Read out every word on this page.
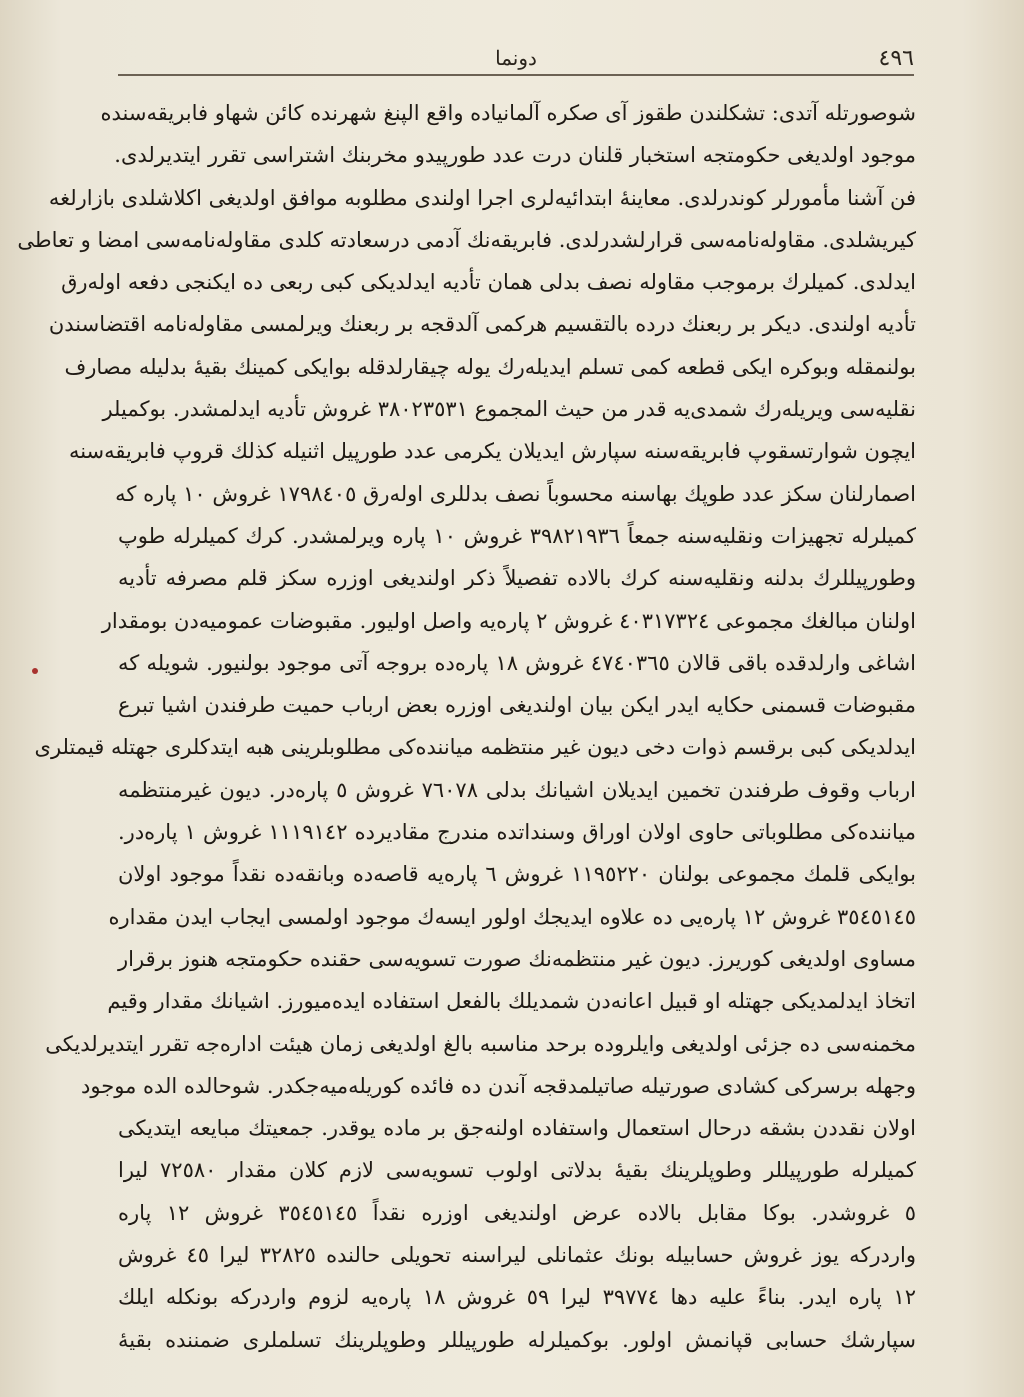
دونما	٤٩٦
شوصورتله آتدی: تشكلندن طقوز آی صكره آلمانیاده واقع الپنغ شهرنده كائن شهاو فابریقه‌سنده
موجود اولدیغی حكومتجه استخبار قلنان درت عدد طورپیدو مخربنك اشتراسی تقرر ایتدیرلدی.
فن آشنا مأمورلر كوندرلدی. معاینهٔ ابتدائیه‌لری اجرا اولندی مطلوبه موافق اولدیغی اكلاشلدی بازارلغه
كیریشلدی. مقاوله‌نامه‌سی قرارلشدرلدی. فابریقه‌نك آدمی درسعادته كلدی مقاوله‌نامه‌سی امضا و تعاطی
ایدلدی. كمیلرك برموجب مقاوله نصف بدلی همان تأدیه ایدلدیكی كبی ربعی ده ایكنجی دفعه اوله‌رق
تأدیه اولندی. دیكر بر ربعنك درده بالتقسیم هركمی آلدقجه بر ربعنك ویرلمسی مقاوله‌نامه اقتضاسندن
بولنمقله وبوكره ایكی قطعه كمی تسلم ایدیله‌رك یوله چیقارلدقله بوایكی كمینك بقیهٔ بدلیله مصارف
نقلیه‌سی ویریله‌رك شمدی‌یه قدر من حیث المجموع ٣٨٠٢٣٥٣١ غروش تأدیه ایدلمشدر. بوكمیلر
ایچون شوارتسقوپ فابریقه‌سنه سپارش ایدیلان یكرمی عدد طورپیل اثنیله كذلك قروپ فابریقه‌سنه
اصمارلنان سكز عدد طوپك بهاسنه محسوباً نصف بدللری اوله‌رق ١٧٩٨٤٠٥ غروش ١٠ پاره كه
كمیلرله تجهیزات ونقلیه‌سنه جمعاً ٣٩٨٢١٩٣٦ غروش ١٠ پاره ویرلمشدر. كرك كمیلرله طوپ
وطورپیللرك بدلنه ونقلیه‌سنه كرك بالاده تفصیلاً ذكر اولندیغی اوزره سكز قلم مصرفه تأدیه
اولنان مبالغك مجموعی ٤٠٣١٧٣٢٤ غروش ٢ پاره‌یه واصل اولیور. مقبوضات عمومیه‌دن بومقدار
اشاغی وارلدقده باقی قالان ٤٧٤٠٣٦٥ غروش ١٨ پاره‌ده بروجه آتی موجود بولنیور. شویله كه
مقبوضات قسمنی حكایه ایدر ایكن بیان اولندیغی اوزره بعض ارباب حمیت طرفندن اشیا تبرع
ایدلدیكی كبی برقسم ذوات دخی دیون غیر منتظمه میاننده‌كی مطلوبلرینی هبه ایتدكلری جهتله قیمتلری
ارباب وقوف طرفندن تخمین ایدیلان اشیانك بدلی ٧٦٠٧٨ غروش ٥ پاره‌در. دیون غیرمنتظمه
میاننده‌كی مطلوباتی حاوی اولان اوراق وسنداتده مندرج مقادیرده ١١١٩١٤٢ غروش ١ پاره‌در.
بوایكی قلمك مجموعی بولنان ١١٩٥٢٢٠ غروش ٦ پاره‌یه قاصه‌ده وبانقه‌ده نقداً موجود اولان
٣٥٤٥١٤٥ غروش ١٢ پاره‌یی ده علاوه ایدیجك اولور ایسه‌ك موجود اولمسی ایجاب ایدن مقداره
مساوی اولدیغی كوریرز. دیون غیر منتظمه‌نك صورت تسویه‌سی حقنده حكومتجه هنوز برقرار
اتخاذ ایدلمدیكی جهتله او قبیل اعانه‌دن شمدیلك بالفعل استفاده ایده‌میورز. اشیانك مقدار وقیم
مخمنه‌سی ده جزئی اولدیغی وایلروده برحد مناسبه بالغ اولدیغی زمان هیئت اداره‌جه تقرر ایتدیرلدیكی
وجهله برسركی كشادی صورتیله صاتیلمدقجه آندن ده فائده كوریله‌میه‌جكدر. شوحالده الده موجود
اولان نقددن بشقه درحال استعمال واستفاده اولنه‌جق بر ماده یوقدر. جمعیتك مبایعه ایتدیكی
كمیلرله طورپیللر وطوپلرینك بقیهٔ بدلاتی اولوب تسویه‌سی لازم كلان مقدار ٧٢٥٨٠ لیرا
٥ غروشدر. بوكا مقابل بالاده عرض اولندیغی اوزره نقداً ٣٥٤٥١٤٥ غروش ١٢ پاره
واردركه یوز غروش حسابیله بونك عثمانلی لیراسنه تحویلی حالنده ٣٢٨٢٥ لیرا ٤٥ غروش
١٢ پاره ایدر. بناءً علیه دها ٣٩٧٧٤ لیرا ٥٩ غروش ١٨ پاره‌یه لزوم واردركه بونكله ایلك
سپارشك حسابی قپانمش اولور. بوكمیلرله طورپیللر وطوپلرینك تسلملری ضمننده بقیهٔ
